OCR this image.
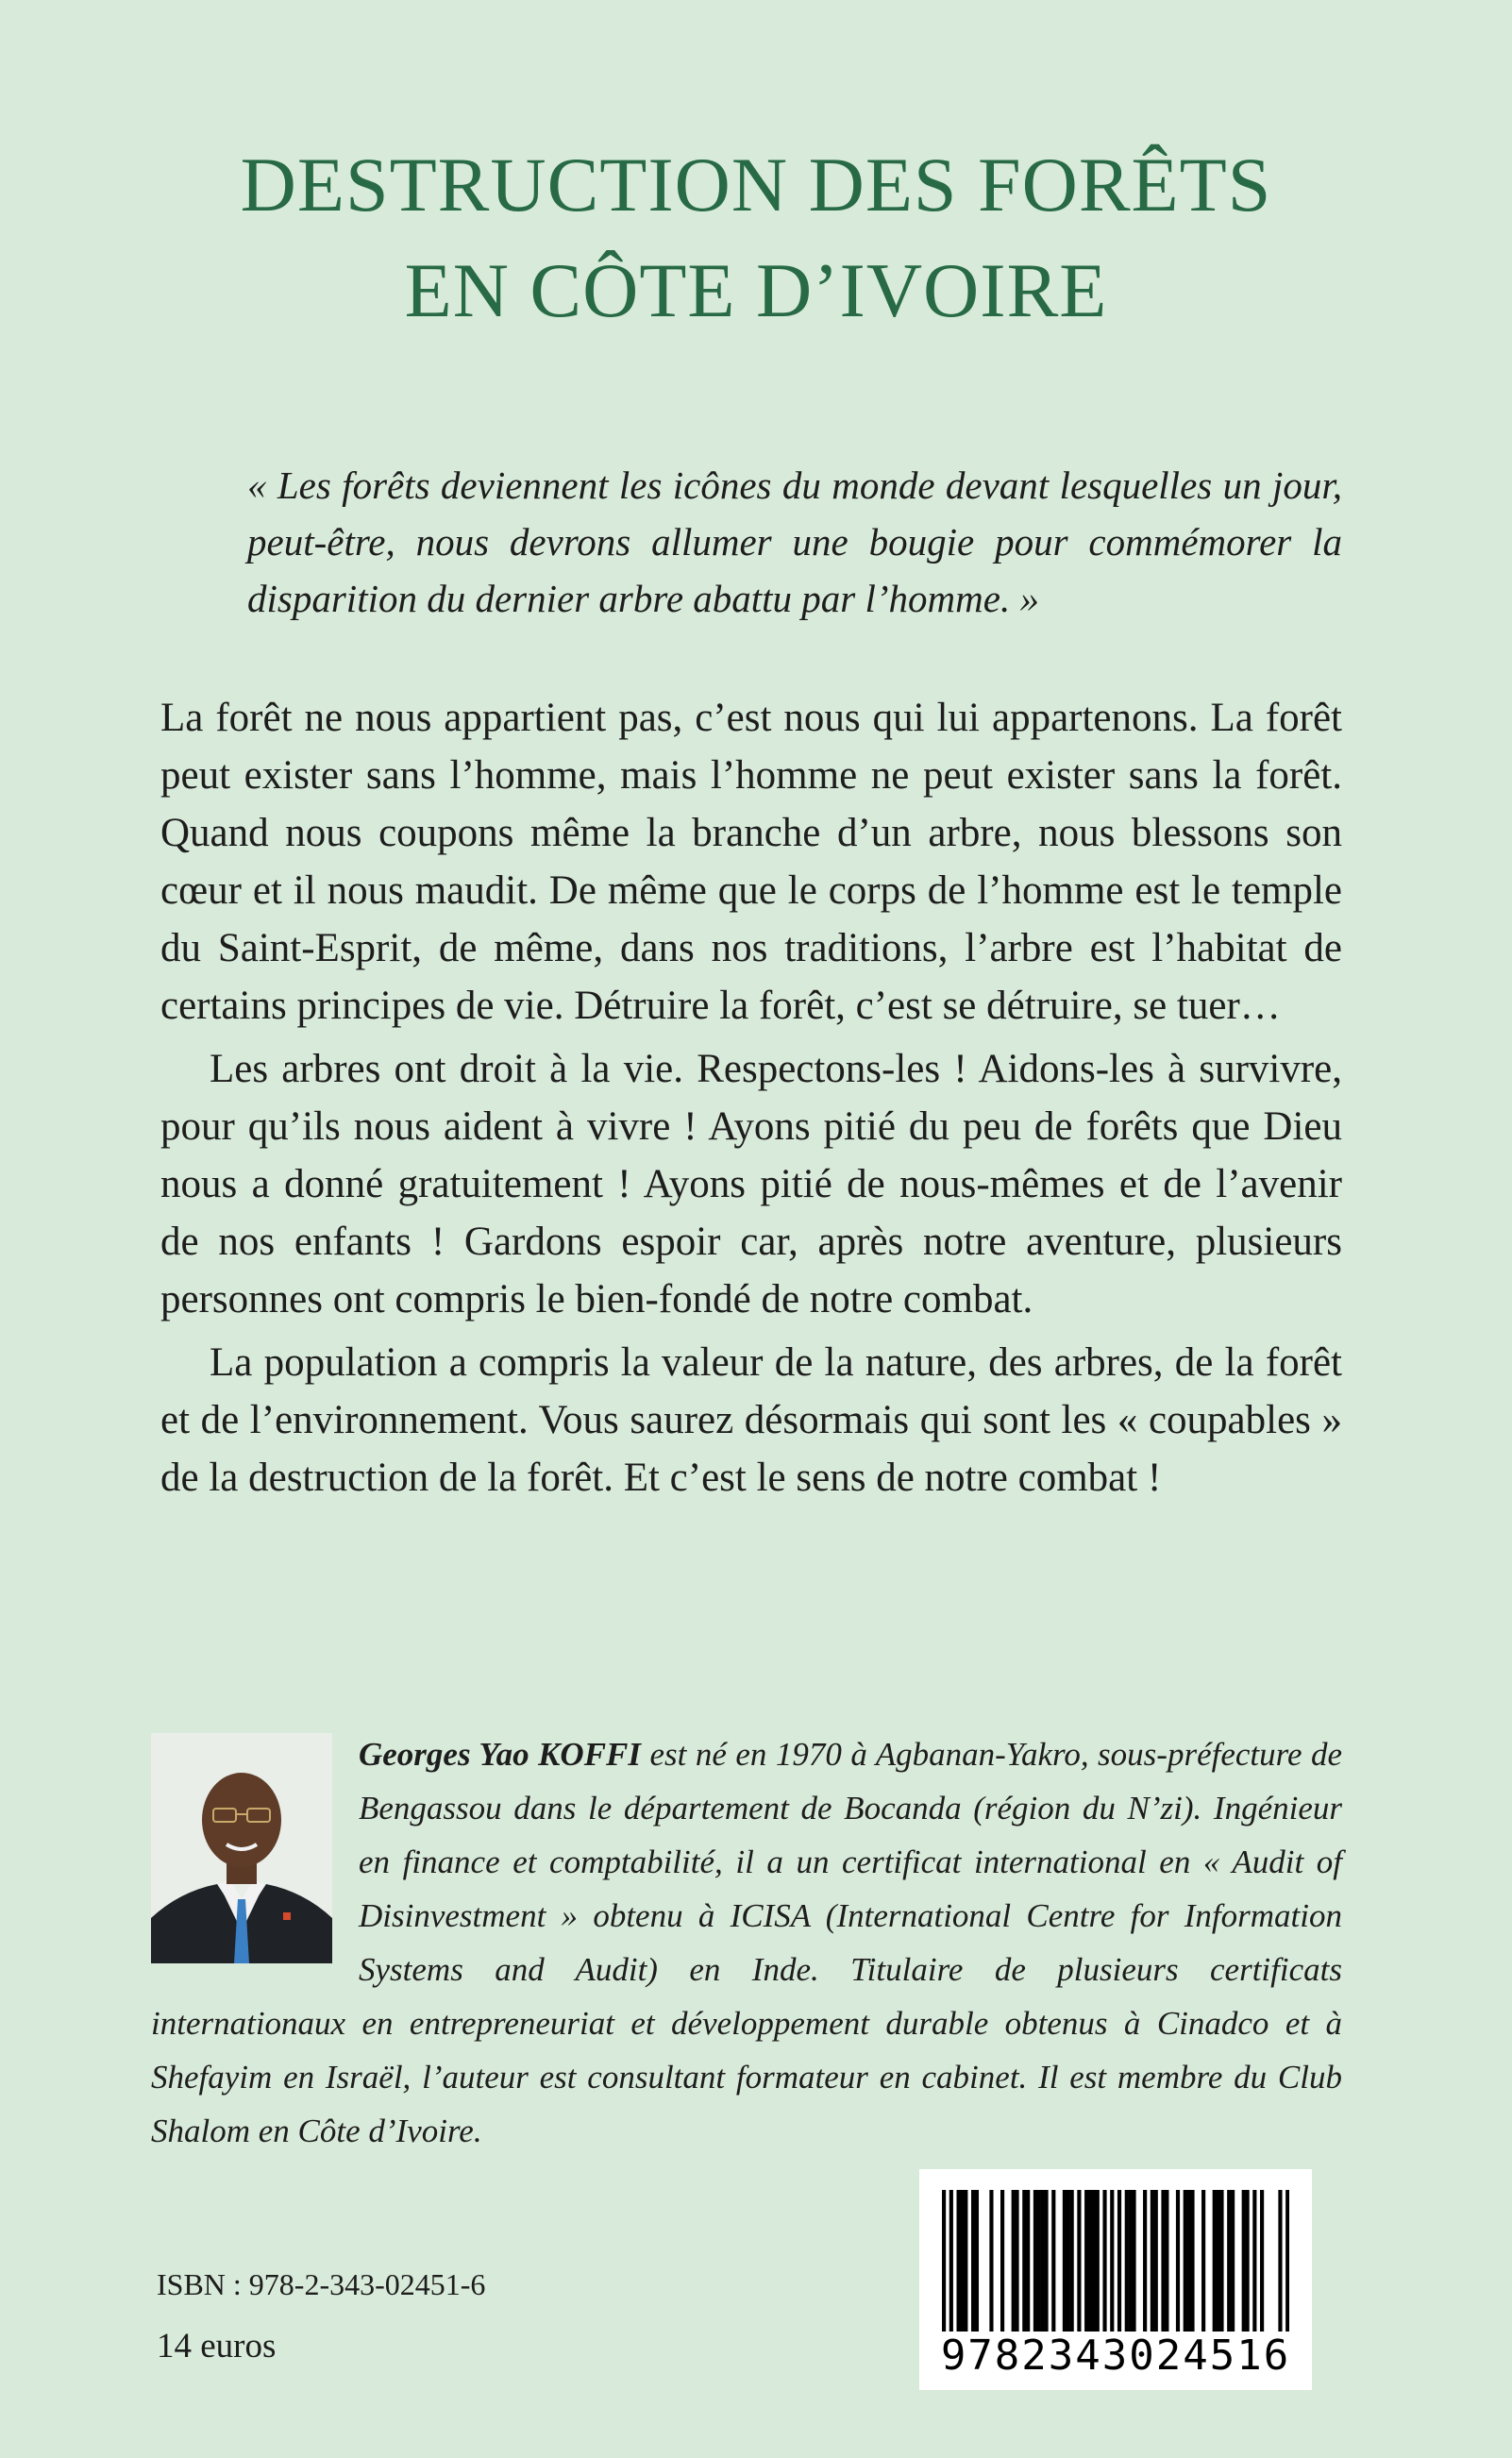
DESTRUCTION DES FORÊTS
EN CÔTE D’IVOIRE
« Les forêts deviennent les icônes du monde devant lesquelles un jour, peut-être, nous devrons allumer une bougie pour commémorer la disparition du dernier arbre abattu par l’homme. »

La forêt ne nous appartient pas, c’est nous qui lui appartenons. La forêt peut exister sans l’homme, mais l’homme ne peut exister sans la forêt. Quand nous coupons même la branche d’un arbre, nous blessons son cœur et il nous maudit. De même que le corps de l’homme est le temple du Saint-Esprit, de même, dans nos traditions, l’arbre est l’habitat de certains principes de vie. Détruire la forêt, c’est se détruire, se tuer…

Les arbres ont droit à la vie. Respectons-les ! Aidons-les à survivre, pour qu’ils nous aident à vivre ! Ayons pitié du peu de forêts que Dieu nous a donné gratuitement ! Ayons pitié de nous-mêmes et de l’avenir de nos enfants ! Gardons espoir car, après notre aventure, plusieurs personnes ont compris le bien-fondé de notre combat.

La population a compris la valeur de la nature, des arbres, de la forêt et de l’environnement. Vous saurez désormais qui sont les « coupables » de la destruction de la forêt. Et c’est le sens de notre combat !

Georges Yao KOFFI est né en 1970 à Agbanan-Yakro, sous-préfecture de Bengassou dans le département de Bocanda (région du N’zi). Ingénieur en finance et comptabilité, il a un certificat international en « Audit of Disinvestment » obtenu à ICISA (International Centre for Information Systems and Audit) en Inde. Titulaire de plusieurs certificats internationaux en entrepreneuriat et développement durable obtenus à Cinadco et à Shefayim en Israël, l’auteur est consultant formateur en cabinet. Il est membre du Club Shalom en Côte d’Ivoire.
ISBN : 978-2-343-02451-6
14 euros	9782343024516
